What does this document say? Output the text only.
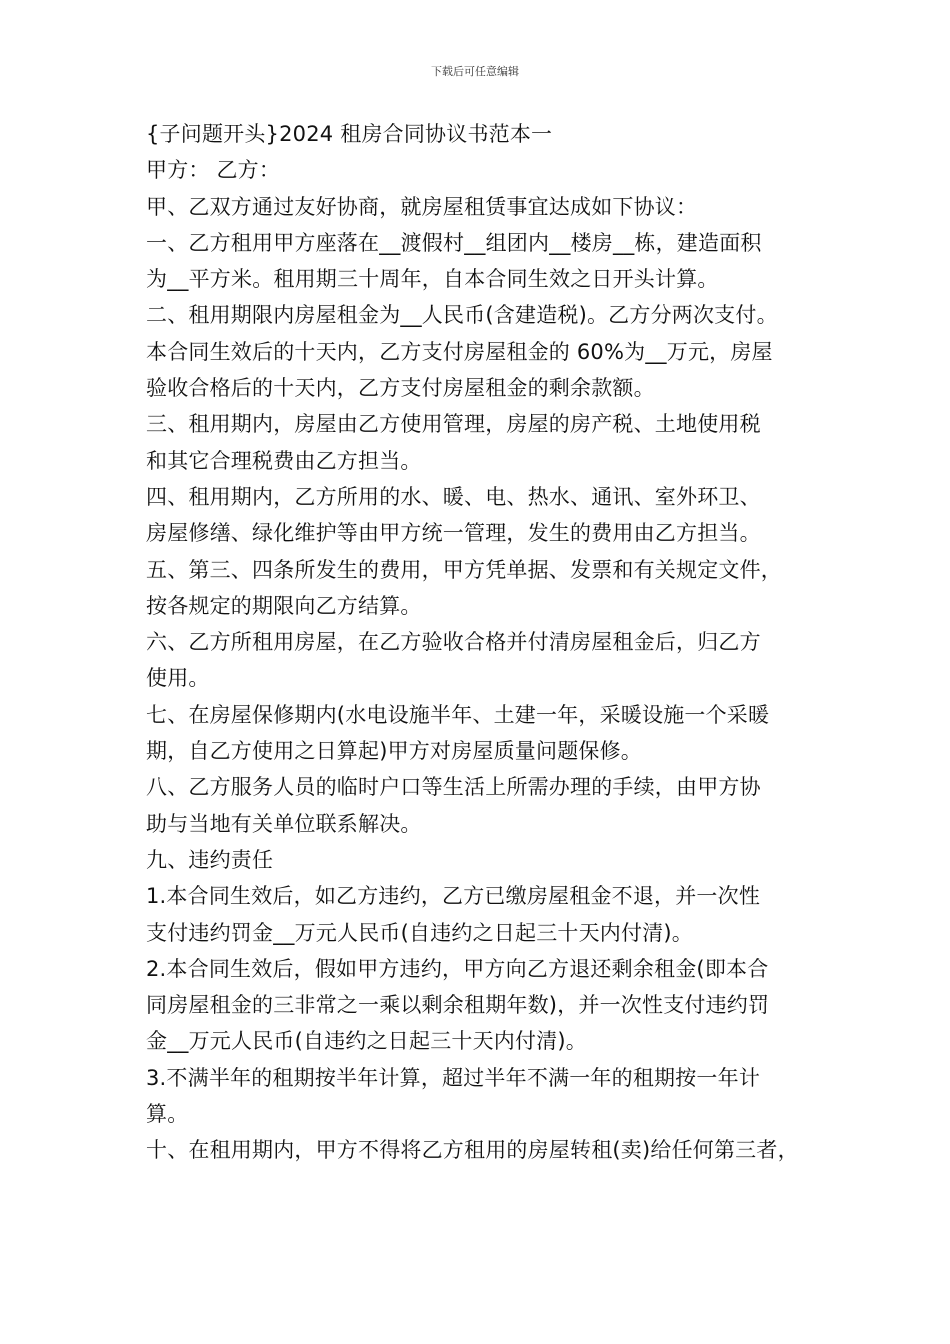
下载后可任意编辑
{子问题开头}2024 租房合同协议书范本一
甲方： 乙方：
甲、乙双方通过友好协商，就房屋租赁事宜达成如下协议：
一、乙方租用甲方座落在__渡假村__组团内__楼房__栋，建造面积
为__平方米。租用期三十周年，自本合同生效之日开头计算。
二、租用期限内房屋租金为__人民币(含建造税)。乙方分两次支付。
本合同生效后的十天内，乙方支付房屋租金的 60%为__万元，房屋
验收合格后的十天内，乙方支付房屋租金的剩余款额。
三、租用期内，房屋由乙方使用管理，房屋的房产税、土地使用税
和其它合理税费由乙方担当。
四、租用期内，乙方所用的水、暖、电、热水、通讯、室外环卫、
房屋修缮、绿化维护等由甲方统一管理，发生的费用由乙方担当。
五、第三、四条所发生的费用，甲方凭单据、发票和有关规定文件，
按各规定的期限向乙方结算。
六、乙方所租用房屋，在乙方验收合格并付清房屋租金后，归乙方
使用。
七、在房屋保修期内(水电设施半年、土建一年，采暖设施一个采暖
期，自乙方使用之日算起)甲方对房屋质量问题保修。
八、乙方服务人员的临时户口等生活上所需办理的手续，由甲方协
助与当地有关单位联系解决。
九、违约责任
1.本合同生效后，如乙方违约，乙方已缴房屋租金不退，并一次性
支付违约罚金__万元人民币(自违约之日起三十天内付清)。
2.本合同生效后，假如甲方违约，甲方向乙方退还剩余租金(即本合
同房屋租金的三非常之一乘以剩余租期年数)，并一次性支付违约罚
金__万元人民币(自违约之日起三十天内付清)。
3.不满半年的租期按半年计算，超过半年不满一年的租期按一年计
算。
十、在租用期内，甲方不得将乙方租用的房屋转租(卖)给任何第三者，
